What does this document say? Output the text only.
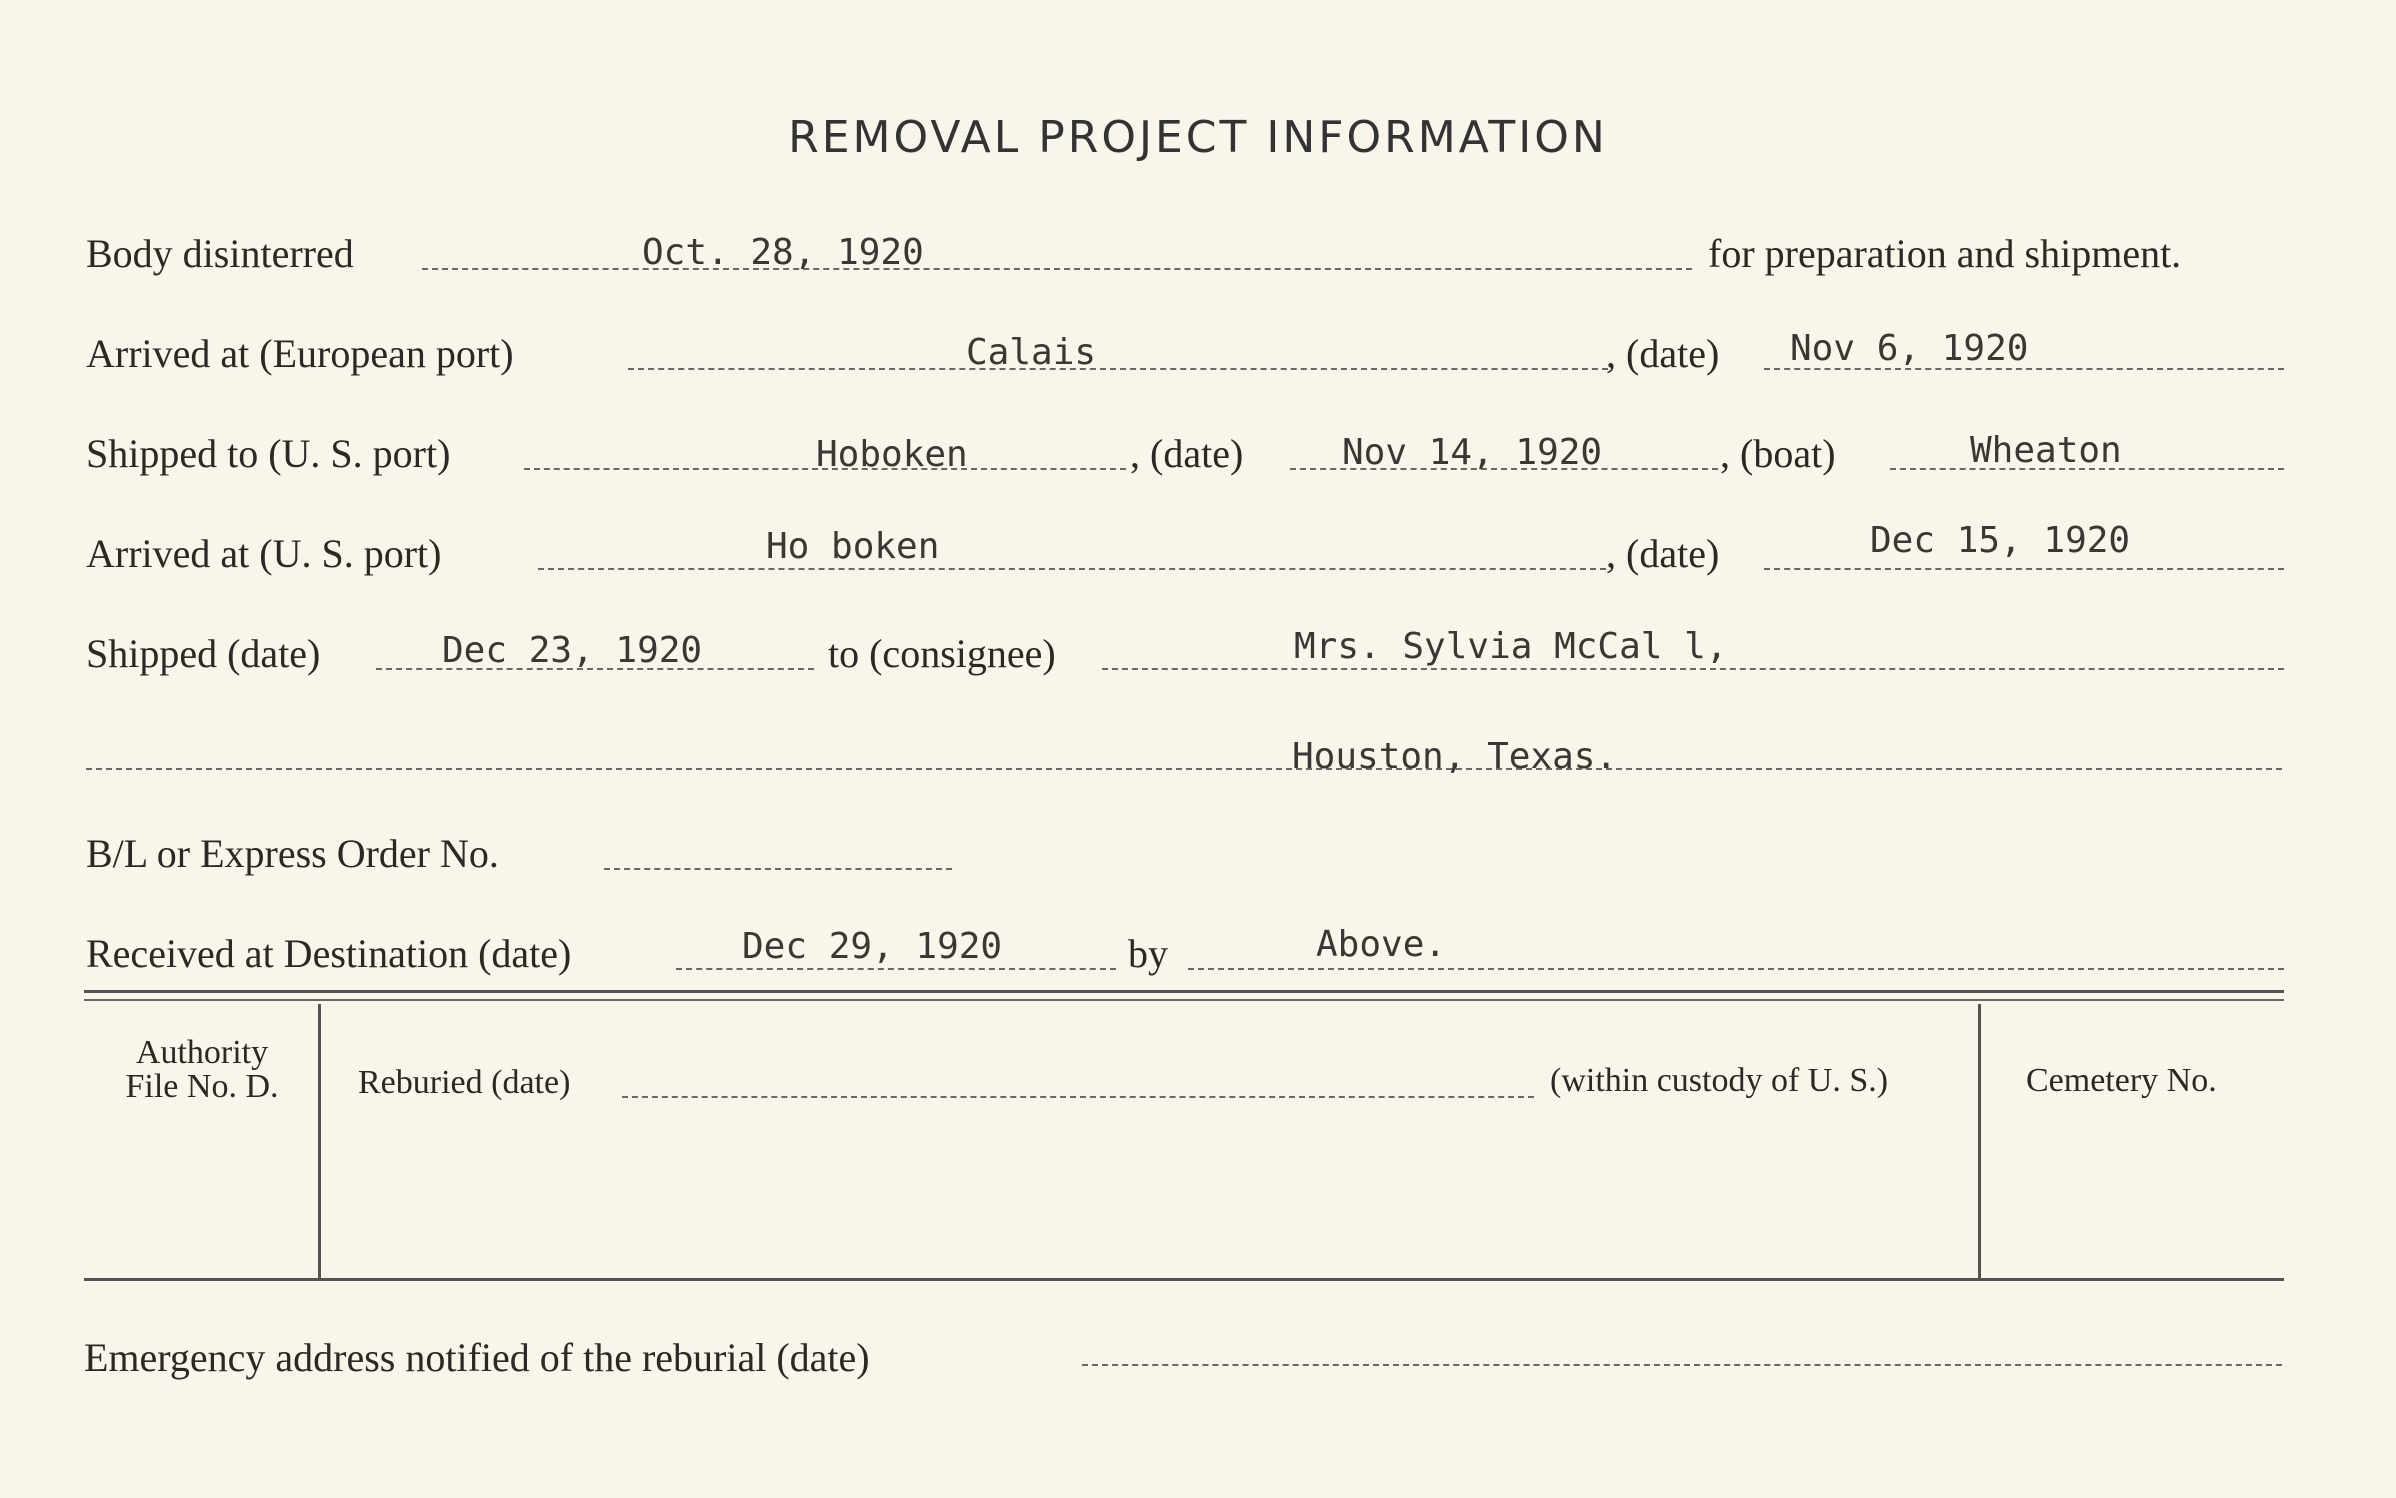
REMOVAL PROJECT INFORMATION
Body disinterred	Oct. 28, 1920	for preparation and shipment.
Arrived at (European port)	Calais	, (date) Nov 6, 1920
Shipped to (U. S. port)	Hoboken	, (date)	Nov 14, 1920	, (boat)	Wheaton
Arrived at (U. S. port)	Ho boken	, (date)	Dec 15, 1920
Shipped (date)	Dec 23, 1920	to (consignee)	Mrs. Sylvia McCal l,
Houston, Texas.
B/L or Express Order No.
Received at Destination (date)	Dec 29, 1920	by	Above.
Authority
File No. D.	Reburied (date)	(within custody of U. S.)	Cemetery No.
Emergency address notified of the reburial (date)
